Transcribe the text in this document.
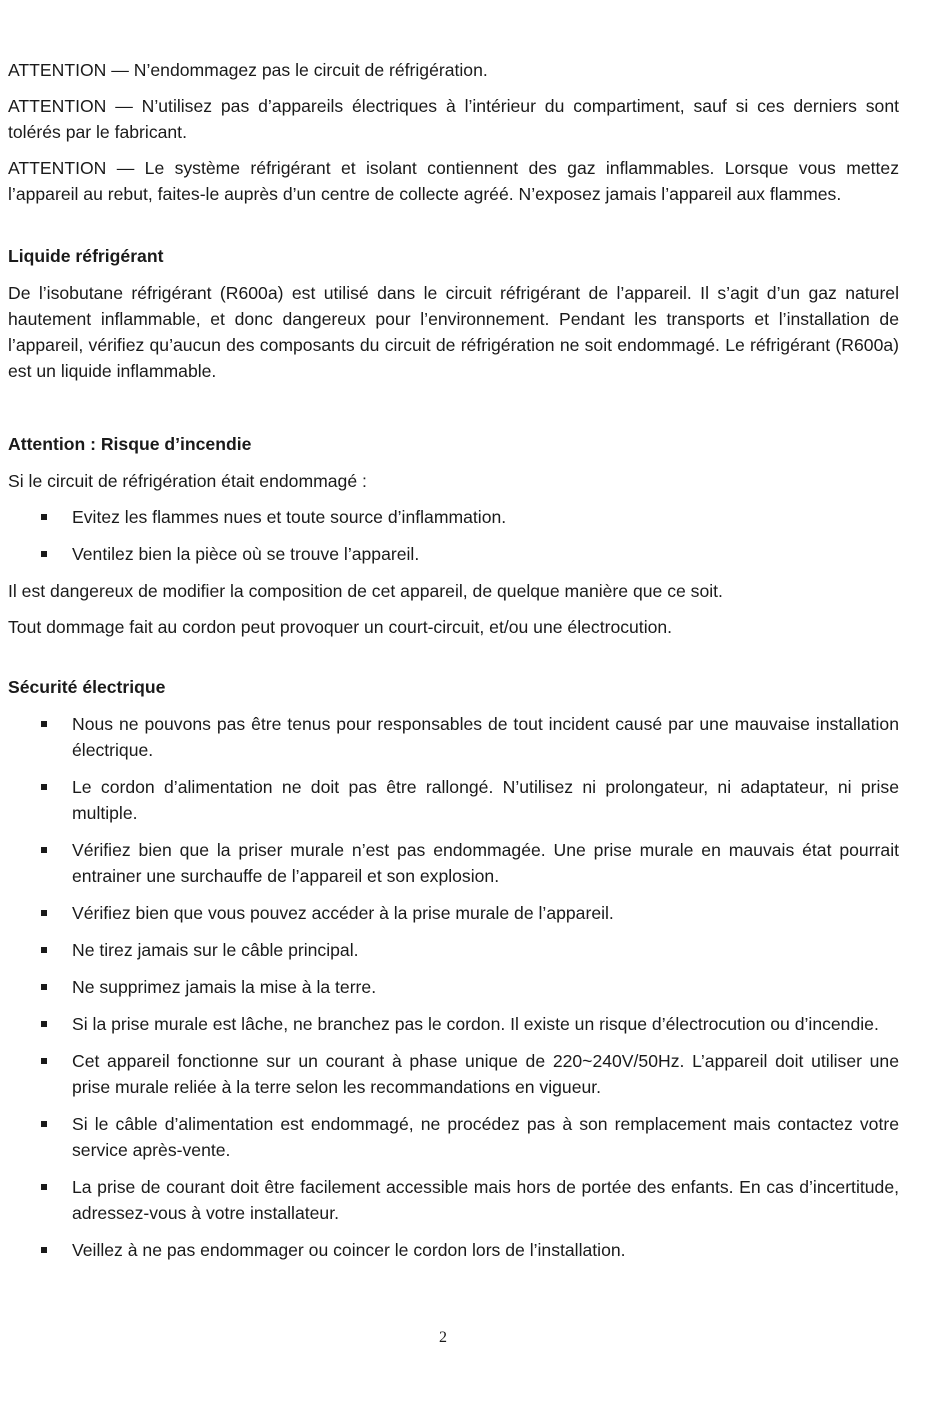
ATTENTION — N’endommagez pas le circuit de réfrigération.

ATTENTION — N’utilisez pas d’appareils électriques à l’intérieur du compartiment, sauf si ces derniers sont tolérés par le fabricant.

ATTENTION — Le système réfrigérant et isolant contiennent des gaz inflammables. Lorsque vous mettez l’appareil au rebut, faites-le auprès d’un centre de collecte agréé. N’exposez jamais l’appareil aux flammes.

Liquide réfrigérant

De l’isobutane réfrigérant (R600a) est utilisé dans le circuit réfrigérant de l’appareil. Il s’agit d’un gaz naturel hautement inflammable, et donc dangereux pour l’environnement. Pendant les transports et l’installation de l’appareil, vérifiez qu’aucun des composants du circuit de réfrigération ne soit endommagé. Le réfrigérant (R600a) est un liquide inflammable.

Attention : Risque d’incendie

Si le circuit de réfrigération était endommagé :

Evitez les flammes nues et toute source d’inflammation.
Ventilez bien la pièce où se trouve l’appareil.

Il est dangereux de modifier la composition de cet appareil, de quelque manière que ce soit.

Tout dommage fait au cordon peut provoquer un court-circuit, et/ou une électrocution.

Sécurité électrique
Nous ne pouvons pas être tenus pour responsables de tout incident causé par une mauvaise installation électrique.
Le cordon d’alimentation ne doit pas être rallongé. N’utilisez ni prolongateur, ni adaptateur, ni prise multiple.
Vérifiez bien que la priser murale n’est pas endommagée. Une prise murale en mauvais état pourrait entrainer une surchauffe de l’appareil et son explosion.
Vérifiez bien que vous pouvez accéder à la prise murale de l’appareil.
Ne tirez jamais sur le câble principal.
Ne supprimez jamais la mise à la terre.
Si la prise murale est lâche, ne branchez pas le cordon. Il existe un risque d’électrocution ou d’incendie.
Cet appareil fonctionne sur un courant à phase unique de 220~240V/50Hz. L’appareil doit utiliser une prise murale reliée à la terre selon les recommandations en vigueur.
Si le câble d’alimentation est endommagé, ne procédez pas à son remplacement mais contactez votre service après-vente.
La prise de courant doit être facilement accessible mais hors de portée des enfants. En cas d’incertitude, adressez-vous à votre installateur.
Veillez à ne pas endommager ou coincer le cordon lors de l’installation.
2
